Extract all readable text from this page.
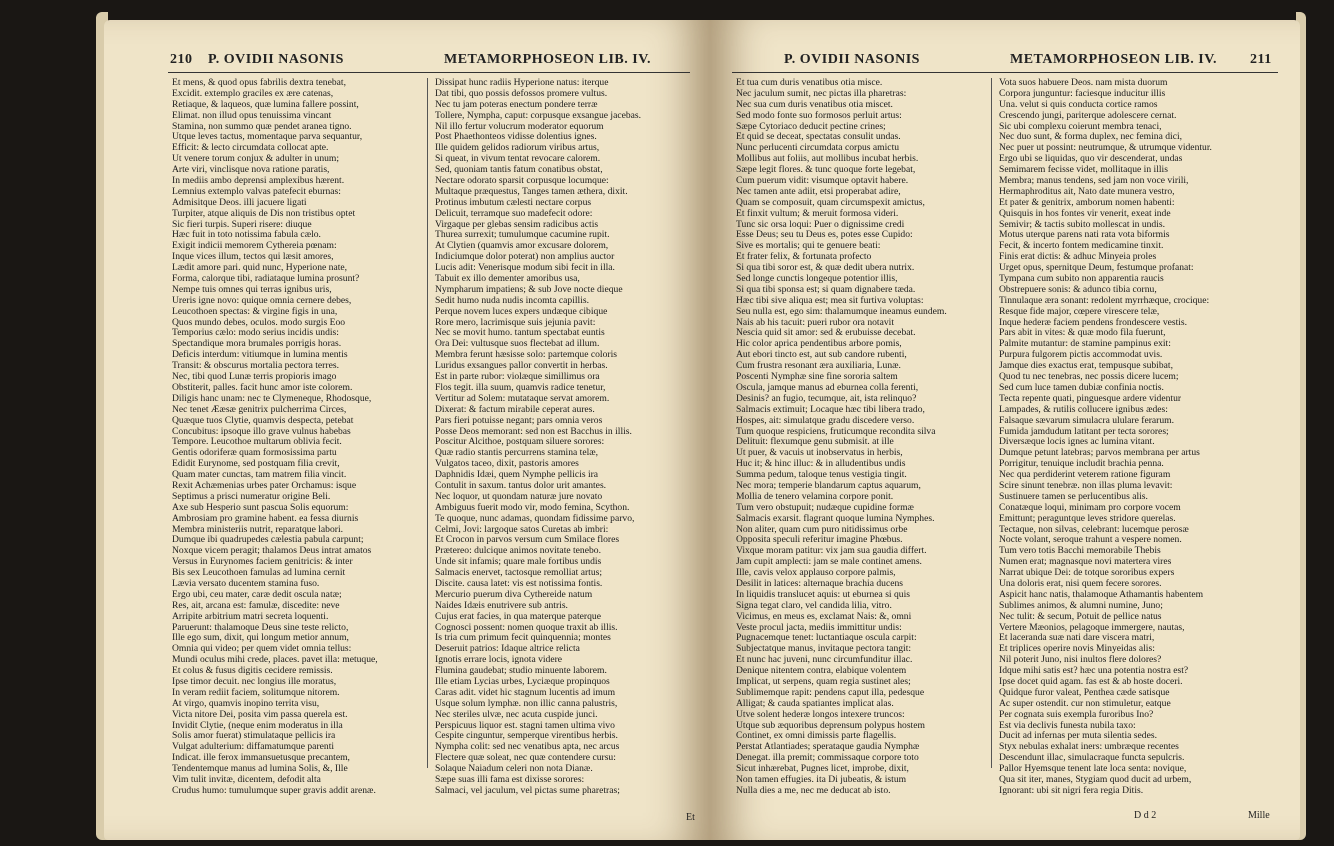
210 P. OVIDII NASONIS	METAMORPHOSEON LIB. IV.
Et mens, & quod opus fabrilis dextra tenebat,
Excidit. extemplo graciles ex ære catenas,
Retiaque, & laqueos, quæ lumina fallere possint,
Elimat. non illud opus tenuissima vincant
Stamina, non summo quæ pendet aranea tigno.
Utque leves tactus, momentaque parva sequantur,
Efficit: & lecto circumdata collocat apte.
Ut venere torum conjux & adulter in unum;
Arte viri, vinclisque nova ratione paratis,
In mediis ambo deprensi amplexibus hærent.
Lemnius extemplo valvas patefecit eburnas:
Admisitque Deos. illi jacuere ligati
Turpiter, atque aliquis de Dis non tristibus optet
Sic fieri turpis. Superi risere: diuque
Hæc fuit in toto notissima fabula cælo.
Exigit indicii memorem Cythereia pœnam:
Inque vices illum, tectos qui læsit amores,
Lædit amore pari. quid nunc, Hyperione nate,
Forma, calorque tibi, radiataque lumina prosunt?
Nempe tuis omnes qui terras ignibus uris,
Ureris igne novo: quique omnia cernere debes,
Leucothoen spectas: & virgine figis in una,
Quos mundo debes, oculos. modo surgis Eoo
Temporius cælo: modo serius incidis undis:
Spectandique mora brumales porrigis horas.
Deficis interdum: vitiumque in lumina mentis
Transit: & obscurus mortalia pectora terres.
Nec, tibi quod Lunæ terris propioris imago
Obstiterit, palles. facit hunc amor iste colorem.
Diligis hanc unam: nec te Clymeneque, Rhodosque,
Nec tenet Ææsæ genitrix pulcherrima Circes,
Quæque tuos Clytie, quamvis despecta, petebat
Concubitus: ipsoque illo grave vulnus habebas
Tempore. Leucothoe multarum oblivia fecit.
Gentis odoriferæ quam formosissima partu
Edidit Eurynome, sed postquam filia crevit,
Quam mater cunctas, tam matrem filia vincit.
Rexit Achæmenias urbes pater Orchamus: isque
Septimus a prisci numeratur origine Beli.
Axe sub Hesperio sunt pascua Solis equorum:
Ambrosiam pro gramine habent. ea fessa diurnis
Membra ministeriis nutrit, reparatque labori.
Dumque ibi quadrupedes cælestia pabula carpunt;
Noxque vicem peragit; thalamos Deus intrat amatos
Versus in Eurynomes faciem genitricis: & inter
Bis sex Leucothoen famulas ad lumina cernit
Lævia versato ducentem stamina fuso.
Ergo ubi, ceu mater, caræ dedit oscula natæ;
Res, ait, arcana est: famulæ, discedite: neve
Arripite arbitrium matri secreta loquenti.
Paruerunt: thalamoque Deus sine teste relicto,
Ille ego sum, dixit, qui longum metior annum,
Omnia qui video; per quem videt omnia tellus:
Mundi oculus mihi crede, places. pavet illa: metuque,
Et colus & fusus digitis cecidere remissis.
Ipse timor decuit. nec longius ille moratus,
In veram rediit faciem, solitumque nitorem.
At virgo, quamvis inopino territa visu,
Victa nitore Dei, posita vim passa querela est.
Invidit Clytie, (neque enim moderatus in illa
Solis amor fuerat) stimulataque pellicis ira
Vulgat adulterium: diffamatumque parenti
Indicat. ille ferox immansuetusque precantem,
Tendentemque manus ad lumina Solis, &, Ille
Vim tulit invitæ, dicentem, defodit alta
Crudus humo: tumulumque super gravis addit arenæ.
Dissipat hunc radiis Hyperione natus: iterque
Dat tibi, quo possis defossos promere vultus.
Nec tu jam poteras enectum pondere terræ
Tollere, Nympha, caput: corpusque exsangue jacebas.
Nil illo fertur volucrum moderator equorum
Post Phaethonteos vidisse dolentius ignes.
Ille quidem gelidos radiorum viribus artus,
Si queat, in vivum tentat revocare calorem.
Sed, quoniam tantis fatum conatibus obstat,
Nectare odorato sparsit corpusque locumque:
Multaque præquestus, Tanges tamen æthera, dixit.
Protinus imbutum cælesti nectare corpus
Delicuit, terramque suo madefecit odore:
Virgaque per glebas sensim radicibus actis
Thurea surrexit; tumulumque cacumine rupit.
At Clytien (quamvis amor excusare dolorem,
Indiciumque dolor poterat) non amplius auctor
Lucis adit: Venerisque modum sibi fecit in illa.
Tabuit ex illo dementer amoribus usa,
Nympharum impatiens; & sub Jove nocte dieque
Sedit humo nuda nudis incomta capillis.
Perque novem luces expers undæque cibique
Rore mero, lacrimisque suis jejunia pavit:
Nec se movit humo. tantum spectabat euntis
Ora Dei: vultusque suos flectebat ad illum.
Membra ferunt hæsisse solo: partemque coloris
Luridus exsangues pallor convertit in herbas.
Est in parte rubor: violæque simillimus ora
Flos tegit. illa suum, quamvis radice tenetur,
Vertitur ad Solem: mutataque servat amorem.
Dixerat: & factum mirabile ceperat aures.
Pars fieri potuisse negant; pars omnia veros
Posse Deos memorant: sed non est Bacchus in illis.
Poscitur Alcithoe, postquam siluere sorores:
Quæ radio stantis percurrens stamina telæ,
Vulgatos taceo, dixit, pastoris amores
Daphnidis Idæi, quem Nymphe pellicis ira
Contulit in saxum. tantus dolor urit amantes.
Nec loquor, ut quondam naturæ jure novato
Ambiguus fuerit modo vir, modo femina, Scython.
Te quoque, nunc adamas, quondam fidissime parvo,
Celmi, Jovi: largoque satos Curetas ab imbri:
Et Crocon in parvos versum cum Smilace flores
Prætereo: dulcique animos novitate tenebo.
Unde sit infamis; quare male fortibus undis
Salmacis enervet, tactosque remolliat artus;
Discite. causa latet: vis est notissima fontis.
Mercurio puerum diva Cythereide natum
Naides Idæis enutrivere sub antris.
Cujus erat facies, in qua materque paterque
Cognosci possent: nomen quoque traxit ab illis.
Is tria cum primum fecit quinquennia; montes
Deseruit patrios: Idaque altrice relicta
Ignotis errare locis, ignota videre
Flumina gaudebat; studio minuente laborem.
Ille etiam Lycias urbes, Lyciæque propinquos
Caras adit. videt hic stagnum lucentis ad imum
Usque solum lymphæ. non illic canna palustris,
Nec steriles ulvæ, nec acuta cuspide junci.
Perspicuus liquor est. stagni tamen ultima vivo
Cespite cinguntur, semperque virentibus herbis.
Nympha colit: sed nec venatibus apta, nec arcus
Flectere quæ soleat, nec quæ contendere cursu:
Solaque Naiadum celeri non nota Dianæ.
Sæpe suas illi fama est dixisse sorores:
Salmaci, vel jaculum, vel pictas sume pharetras;
Et
P. OVIDII NASONIS	METAMORPHOSEON LIB. IV. 211
Et tua cum duris venatibus otia misce.
Nec jaculum sumit, nec pictas illa pharetras:
Nec sua cum duris venatibus otia miscet.
Sed modo fonte suo formosos perluit artus:
Sæpe Cytoriaco deducit pectine crines;
Et quid se deceat, spectatas consulit undas.
Nunc perlucenti circumdata corpus amictu
Mollibus aut foliis, aut mollibus incubat herbis.
Sæpe legit flores. & tunc quoque forte legebat,
Cum puerum vidit: visumque optavit habere.
Nec tamen ante adiit, etsi properabat adire,
Quam se composuit, quam circumspexit amictus,
Et finxit vultum; & meruit formosa videri.
Tunc sic orsa loqui: Puer o dignissime credi
Esse Deus; seu tu Deus es, potes esse Cupido:
Sive es mortalis; qui te genuere beati:
Et frater felix, & fortunata profecto
Si qua tibi soror est, & quæ dedit ubera nutrix.
Sed longe cunctis longeque potentior illis,
Si qua tibi sponsa est; si quam dignabere tæda.
Hæc tibi sive aliqua est; mea sit furtiva voluptas:
Seu nulla est, ego sim: thalamumque ineamus eundem.
Nais ab his tacuit: pueri rubor ora notavit
Nescia quid sit amor: sed & erubuisse decebat.
Hic color aprica pendentibus arbore pomis,
Aut ebori tincto est, aut sub candore rubenti,
Cum frustra resonant æra auxiliaria, Lunæ.
Poscenti Nymphæ sine fine sororia saltem
Oscula, jamque manus ad eburnea colla ferenti,
Desinis? an fugio, tecumque, ait, ista relinquo?
Salmacis extimuit; Locaque hæc tibi libera trado,
Hospes, ait: simulatque gradu discedere verso.
Tum quoque respiciens, fruticumque recondita silva
Delituit: flexumque genu submisit. at ille
Ut puer, & vacuis ut inobservatus in herbis,
Huc it; & hinc illuc: & in alludentibus undis
Summa pedum, taloque tenus vestigia tingit.
Nec mora; temperie blandarum captus aquarum,
Mollia de tenero velamina corpore ponit.
Tum vero obstupuit; nudæque cupidine formæ
Salmacis exarsit. flagrant quoque lumina Nymphes.
Non aliter, quam cum puro nitidissimus orbe
Opposita speculi referitur imagine Phœbus.
Vixque moram patitur: vix jam sua gaudia differt.
Jam cupit amplecti: jam se male continet amens.
Ille, cavis velox applauso corpore palmis,
Desilit in latices: alternaque brachia ducens
In liquidis translucet aquis: ut eburnea si quis
Signa tegat claro, vel candida lilia, vitro.
Vicimus, en meus es, exclamat Nais: &, omni
Veste procul jacta, mediis immittitur undis:
Pugnacemque tenet: luctantiaque oscula carpit:
Subjectatque manus, invitaque pectora tangit:
Et nunc hac juveni, nunc circumfunditur illac.
Denique nitentem contra, elabique volentem
Implicat, ut serpens, quam regia sustinet ales;
Sublimemque rapit: pendens caput illa, pedesque
Alligat; & cauda spatiantes implicat alas.
Utve solent hederæ longos intexere truncos:
Utque sub æquoribus deprensum polypus hostem
Continet, ex omni dimissis parte flagellis.
Perstat Atlantiades; sperataque gaudia Nymphæ
Denegat. illa premit; commissaque corpore toto
Sicut inhærebat, Pugnes licet, improbe, dixit,
Non tamen effugies. ita Di jubeatis, & istum
Nulla dies a me, nec me deducat ab isto.
Vota suos habuere Deos. nam mista duorum
Corpora junguntur: faciesque inducitur illis
Una. velut si quis conducta cortice ramos
Crescendo jungi, pariterque adolescere cernat.
Sic ubi complexu coierunt membra tenaci,
Nec duo sunt, & forma duplex, nec femina dici,
Nec puer ut possint: neutrumque, & utrumque videntur.
Ergo ubi se liquidas, quo vir descenderat, undas
Semimarem fecisse videt, mollitaque in illis
Membra; manus tendens, sed jam non voce virili,
Hermaphroditus ait, Nato date munera vestro,
Et pater & genitrix, amborum nomen habenti:
Quisquis in hos fontes vir venerit, exeat inde
Semivir; & tactis subito mollescat in undis.
Motus uterque parens nati rata vota biformis
Fecit, & incerto fontem medicamine tinxit.
Finis erat dictis: & adhuc Minyeia proles
Urget opus, spernitque Deum, festumque profanat:
Tympana cum subito non apparentia raucis
Obstrepuere sonis: & adunco tibia cornu,
Tinnulaque æra sonant: redolent myrrhæque, crocique:
Resque fide major, cœpere virescere telæ,
Inque hederæ faciem pendens frondescere vestis.
Pars abit in vites: & quæ modo fila fuerunt,
Palmite mutantur: de stamine pampinus exit:
Purpura fulgorem pictis accommodat uvis.
Jamque dies exactus erat, tempusque subibat,
Quod tu nec tenebras, nec possis dicere lucem;
Sed cum luce tamen dubiæ confinia noctis.
Tecta repente quati, pinguesque ardere videntur
Lampades, & rutilis collucere ignibus ædes:
Falsaque sævarum simulacra ululare ferarum.
Fumida jamdudum latitant per tecta sorores;
Diversæque locis ignes ac lumina vitant.
Dumque petunt latebras; parvos membrana per artus
Porrigitur, tenuique includit brachia penna.
Nec qua perdiderint veterem ratione figuram
Scire sinunt tenebræ. non illas pluma levavit:
Sustinuere tamen se perlucentibus alis.
Conatæque loqui, minimam pro corpore vocem
Emittunt; peraguntque leves stridore querelas.
Tectaque, non silvas, celebrant: lucemque perosæ
Nocte volant, seroque trahunt a vespere nomen.
Tum vero totis Bacchi memorabile Thebis
Numen erat; magnasque novi matertera vires
Narrat ubique Dei: de totque sororibus expers
Una doloris erat, nisi quem fecere sorores.
Aspicit hanc natis, thalamoque Athamantis habentem
Sublimes animos, & alumni numine, Juno;
Nec tulit: & secum, Potuit de pellice natus
Vertere Mæonios, pelagoque immergere, nautas,
Et laceranda suæ nati dare viscera matri,
Et triplices operire novis Minyeidas alis:
Nil poterit Juno, nisi inultos flere dolores?
Idque mihi satis est? hæc una potentia nostra est?
Ipse docet quid agam. fas est & ab hoste doceri.
Quidque furor valeat, Penthea cæde satisque
Ac super ostendit. cur non stimuletur, eatque
Per cognata suis exempla furoribus Ino?
Est via declivis funesta nubila taxo:
Ducit ad infernas per muta silentia sedes.
Styx nebulas exhalat iners: umbræque recentes
Descendunt illac, simulacraque functa sepulcris.
Pallor Hyemsque tenent late loca senta: novique,
Qua sit iter, manes, Stygiam quod ducit ad urbem,
Ignorant: ubi sit nigri fera regia Ditis.
D d 2	Mille
